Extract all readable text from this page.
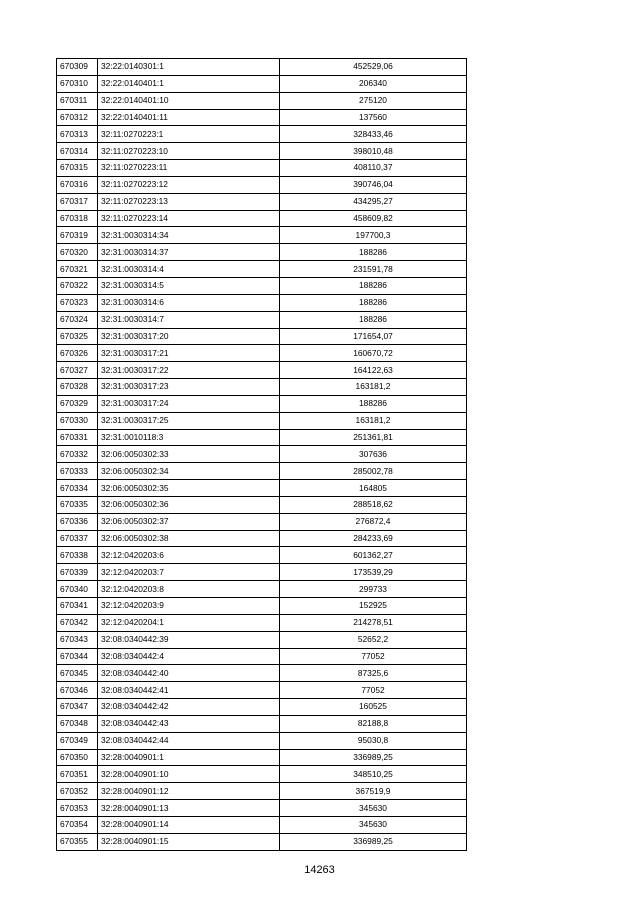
670309	32:22:0140301:1	452529,06
670310	32:22:0140401:1	206340
670311	32:22:0140401:10	275120
670312	32:22:0140401:11	137560
670313	32:11:0270223:1	328433,46
670314	32:11:0270223:10	398010,48
670315	32:11:0270223:11	408110,37
670316	32:11:0270223:12	390746,04
670317	32:11:0270223:13	434295,27
670318	32:11:0270223:14	458609,82
670319	32:31:0030314:34	197700,3
670320	32:31:0030314:37	188286
670321	32:31:0030314:4	231591,78
670322	32:31:0030314:5	188286
670323	32:31:0030314:6	188286
670324	32:31:0030314:7	188286
670325	32:31:0030317:20	171654,07
670326	32:31:0030317:21	160670,72
670327	32:31:0030317:22	164122,63
670328	32:31:0030317:23	163181,2
670329	32:31:0030317:24	188286
670330	32:31:0030317:25	163181,2
670331	32:31:0010118:3	251361,81
670332	32:06:0050302:33	307636
670333	32:06:0050302:34	285002,78
670334	32:06:0050302:35	164805
670335	32:06:0050302:36	288518,62
670336	32:06:0050302:37	276872,4
670337	32:06:0050302:38	284233,69
670338	32:12:0420203:6	601362,27
670339	32:12:0420203:7	173539,29
670340	32:12:0420203:8	299733
670341	32:12:0420203:9	152925
670342	32:12:0420204:1	214278,51
670343	32:08:0340442:39	52652,2
670344	32:08:0340442:4	77052
670345	32:08:0340442:40	87325,6
670346	32:08:0340442:41	77052
670347	32:08:0340442:42	160525
670348	32:08:0340442:43	82188,8
670349	32:08:0340442:44	95030,8
670350	32:28:0040901:1	336989,25
670351	32:28:0040901:10	348510,25
670352	32:28:0040901:12	367519,9
670353	32:28:0040901:13	345630
670354	32:28:0040901:14	345630
670355	32:28:0040901:15	336989,25
14263
